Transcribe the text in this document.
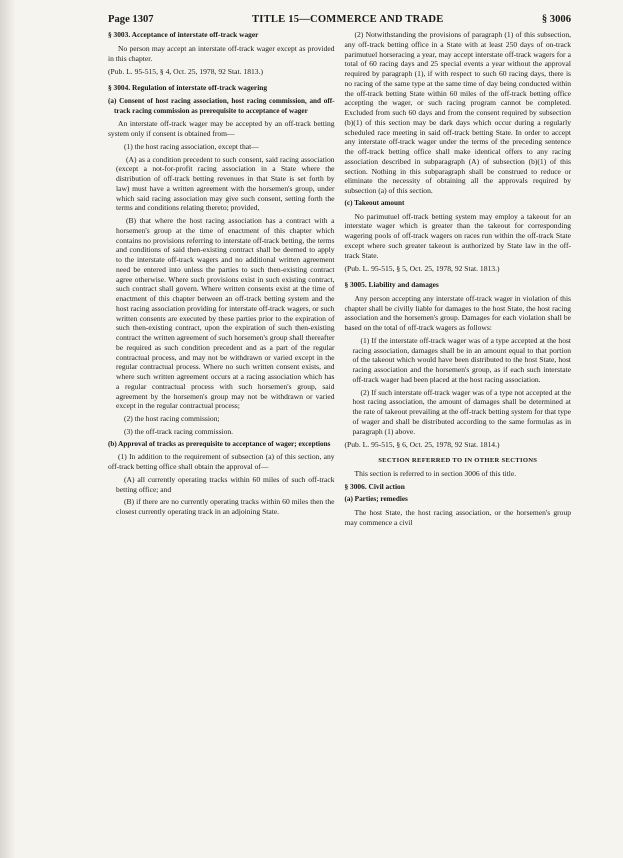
Page 1307	TITLE 15—COMMERCE AND TRADE	§ 3006
§ 3003. Acceptance of interstate off-track wager

No person may accept an interstate off-track wager except as provided in this chapter.

(Pub. L. 95-515, § 4, Oct. 25, 1978, 92 Stat. 1813.)

§ 3004. Regulation of interstate off-track wagering
(a) Consent of host racing association, host racing commission, and off-track racing commission as prerequisite to acceptance of wager

An interstate off-track wager may be accepted by an off-track betting system only if consent is obtained from—

(1) the host racing association, except that—

(A) as a condition precedent to such consent, said racing association (except a not-for-profit racing association in a State where the distribution of off-track betting revenues in that State is set forth by law) must have a written agreement with the horsemen's group, under which said racing association may give such consent, setting forth the terms and conditions relating thereto; provided,

(B) that where the host racing association has a contract with a horsemen's group at the time of enactment of this chapter which contains no provisions referring to interstate off-track betting, the terms and conditions of said then-existing contract shall be deemed to apply to the interstate off-track wagers and no additional written agreement need be entered into unless the parties to such then-existing contract agree otherwise. Where such provisions exist in such existing contract, such contract shall govern. Where written consents exist at the time of enactment of this chapter between an off-track betting system and the host racing association providing for interstate off-track wagers, or such written consents are executed by these parties prior to the expiration of such then-existing contract, upon the expiration of such then-existing contract the written agreement of such horsemen's group shall thereafter be required as such condition precedent and as a part of the regular contractual process, and may not be withdrawn or varied except in the regular contractual process. Where no such written consent exists, and where such written agreement occurs at a racing association which has a regular contractual process with such horsemen's group, said agreement by the horsemen's group may not be withdrawn or varied except in the regular contractual process;

(2) the host racing commission;

(3) the off-track racing commission.

(b) Approval of tracks as prerequisite to acceptance of wager; exceptions

(1) In addition to the requirement of subsection (a) of this section, any off-track betting office shall obtain the approval of—

(A) all currently operating tracks within 60 miles of such off-track betting office; and

(B) if there are no currently operating tracks within 60 miles then the closest currently operating track in an adjoining State.

(2) Notwithstanding the provisions of paragraph (1) of this subsection, any off-track betting office in a State with at least 250 days of on-track parimutuel horseracing a year, may accept interstate off-track wagers for a total of 60 racing days and 25 special events a year without the approval required by paragraph (1), if with respect to such 60 racing days, there is no racing of the same type at the same time of day being conducted within the off-track betting State within 60 miles of the off-track betting office accepting the wager, or such racing program cannot be completed. Excluded from such 60 days and from the consent required by subsection (b)(1) of this section may be dark days which occur during a regularly scheduled race meeting in said off-track betting State. In order to accept any interstate off-track wager under the terms of the preceding sentence the off-track betting office shall make identical offers to any racing association described in subparagraph (A) of subsection (b)(1) of this section. Nothing in this subparagraph shall be construed to reduce or eliminate the necessity of obtaining all the approvals required by subsection (a) of this section.

(c) Takeout amount

No parimutuel off-track betting system may employ a takeout for an interstate wager which is greater than the takeout for corresponding wagering pools of off-track wagers on races run within the off-track State except where such greater takeout is authorized by State law in the off-track State.

(Pub. L. 95-515, § 5, Oct. 25, 1978, 92 Stat. 1813.)

§ 3005. Liability and damages

Any person accepting any interstate off-track wager in violation of this chapter shall be civilly liable for damages to the host State, the host racing association and the horsemen's group. Damages for each violation shall be based on the total of off-track wagers as follows:

(1) If the interstate off-track wager was of a type accepted at the host racing association, damages shall be in an amount equal to that portion of the takeout which would have been distributed to the host State, host racing association and the horsemen's group, as if each such interstate off-track wager had been placed at the host racing association.

(2) If such interstate off-track wager was of a type not accepted at the host racing association, the amount of damages shall be determined at the rate of takeout prevailing at the off-track betting system for that type of wager and shall be distributed according to the same formulas as in paragraph (1) above.

(Pub. L. 95-515, § 6, Oct. 25, 1978, 92 Stat. 1814.)

SECTION REFERRED TO IN OTHER SECTIONS

This section is referred to in section 3006 of this title.

§ 3006. Civil action
(a) Parties; remedies

The host State, the host racing association, or the horsemen's group may commence a civil
